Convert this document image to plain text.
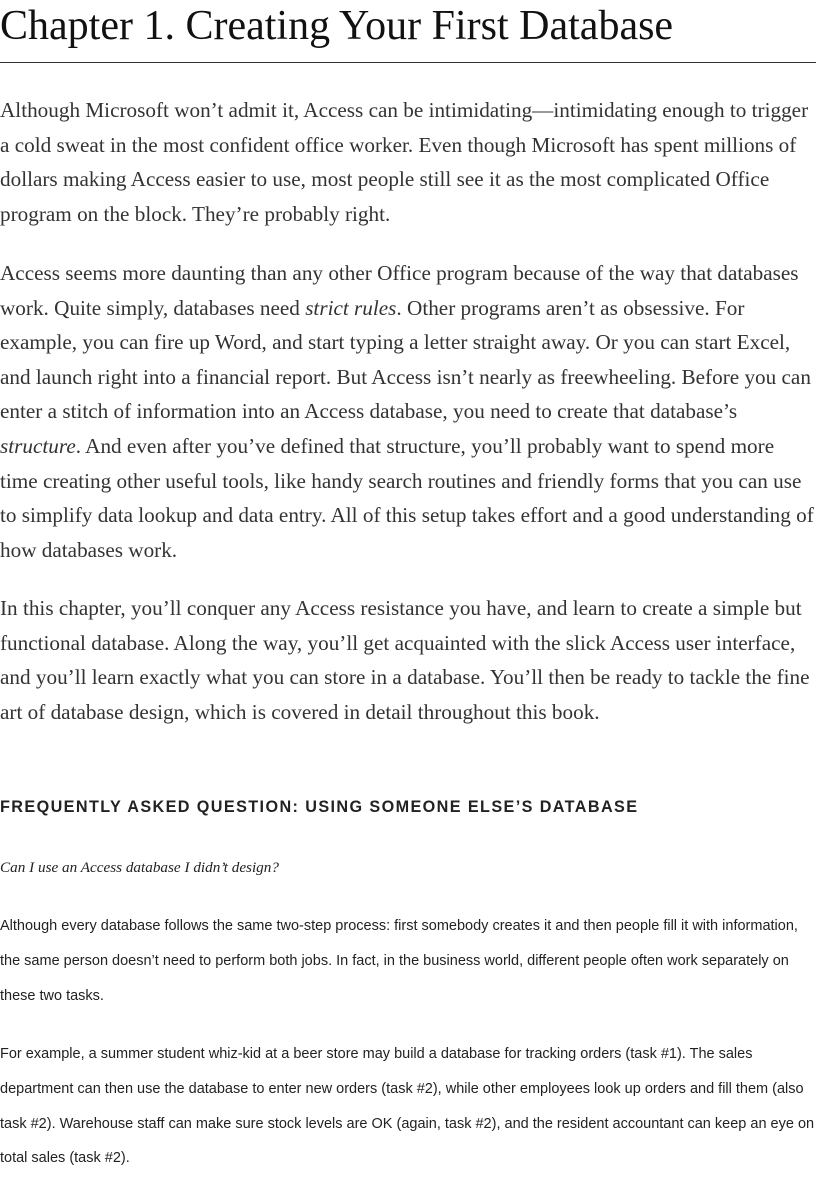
Chapter 1. Creating Your First Database

Although Microsoft won’t admit it, Access can be intimidating—intimidating enough to trigger a cold sweat in the most confident office worker. Even though Microsoft has spent millions of dollars making Access easier to use, most people still see it as the most complicated Office program on the block. They’re probably right.

Access seems more daunting than any other Office program because of the way that databases work. Quite simply, databases need strict rules. Other programs aren’t as obsessive. For example, you can fire up Word, and start typing a letter straight away. Or you can start Excel, and launch right into a financial report. But Access isn’t nearly as freewheeling. Before you can enter a stitch of information into an Access database, you need to create that database’s structure. And even after you’ve defined that structure, you’ll probably want to spend more time creating other useful tools, like handy search routines and friendly forms that you can use to simplify data lookup and data entry. All of this setup takes effort and a good understanding of how databases work.

In this chapter, you’ll conquer any Access resistance you have, and learn to create a simple but functional database. Along the way, you’ll get acquainted with the slick Access user interface, and you’ll learn exactly what you can store in a database. You’ll then be ready to tackle the fine art of database design, which is covered in detail throughout this book.

FREQUENTLY ASKED QUESTION: USING SOMEONE ELSE’S DATABASE

Can I use an Access database I didn’t design?

Although every database follows the same two-step process: first somebody creates it and then people fill it with information, the same person doesn’t need to perform both jobs. In fact, in the business world, different people often work separately on these two tasks.

For example, a summer student whiz-kid at a beer store may build a database for tracking orders (task #1). The sales department can then use the database to enter new orders (task #2), while other employees look up orders and fill them (also task #2). Warehouse staff can make sure stock levels are OK (again, task #2), and the resident accountant can keep an eye on total sales (task #2).
